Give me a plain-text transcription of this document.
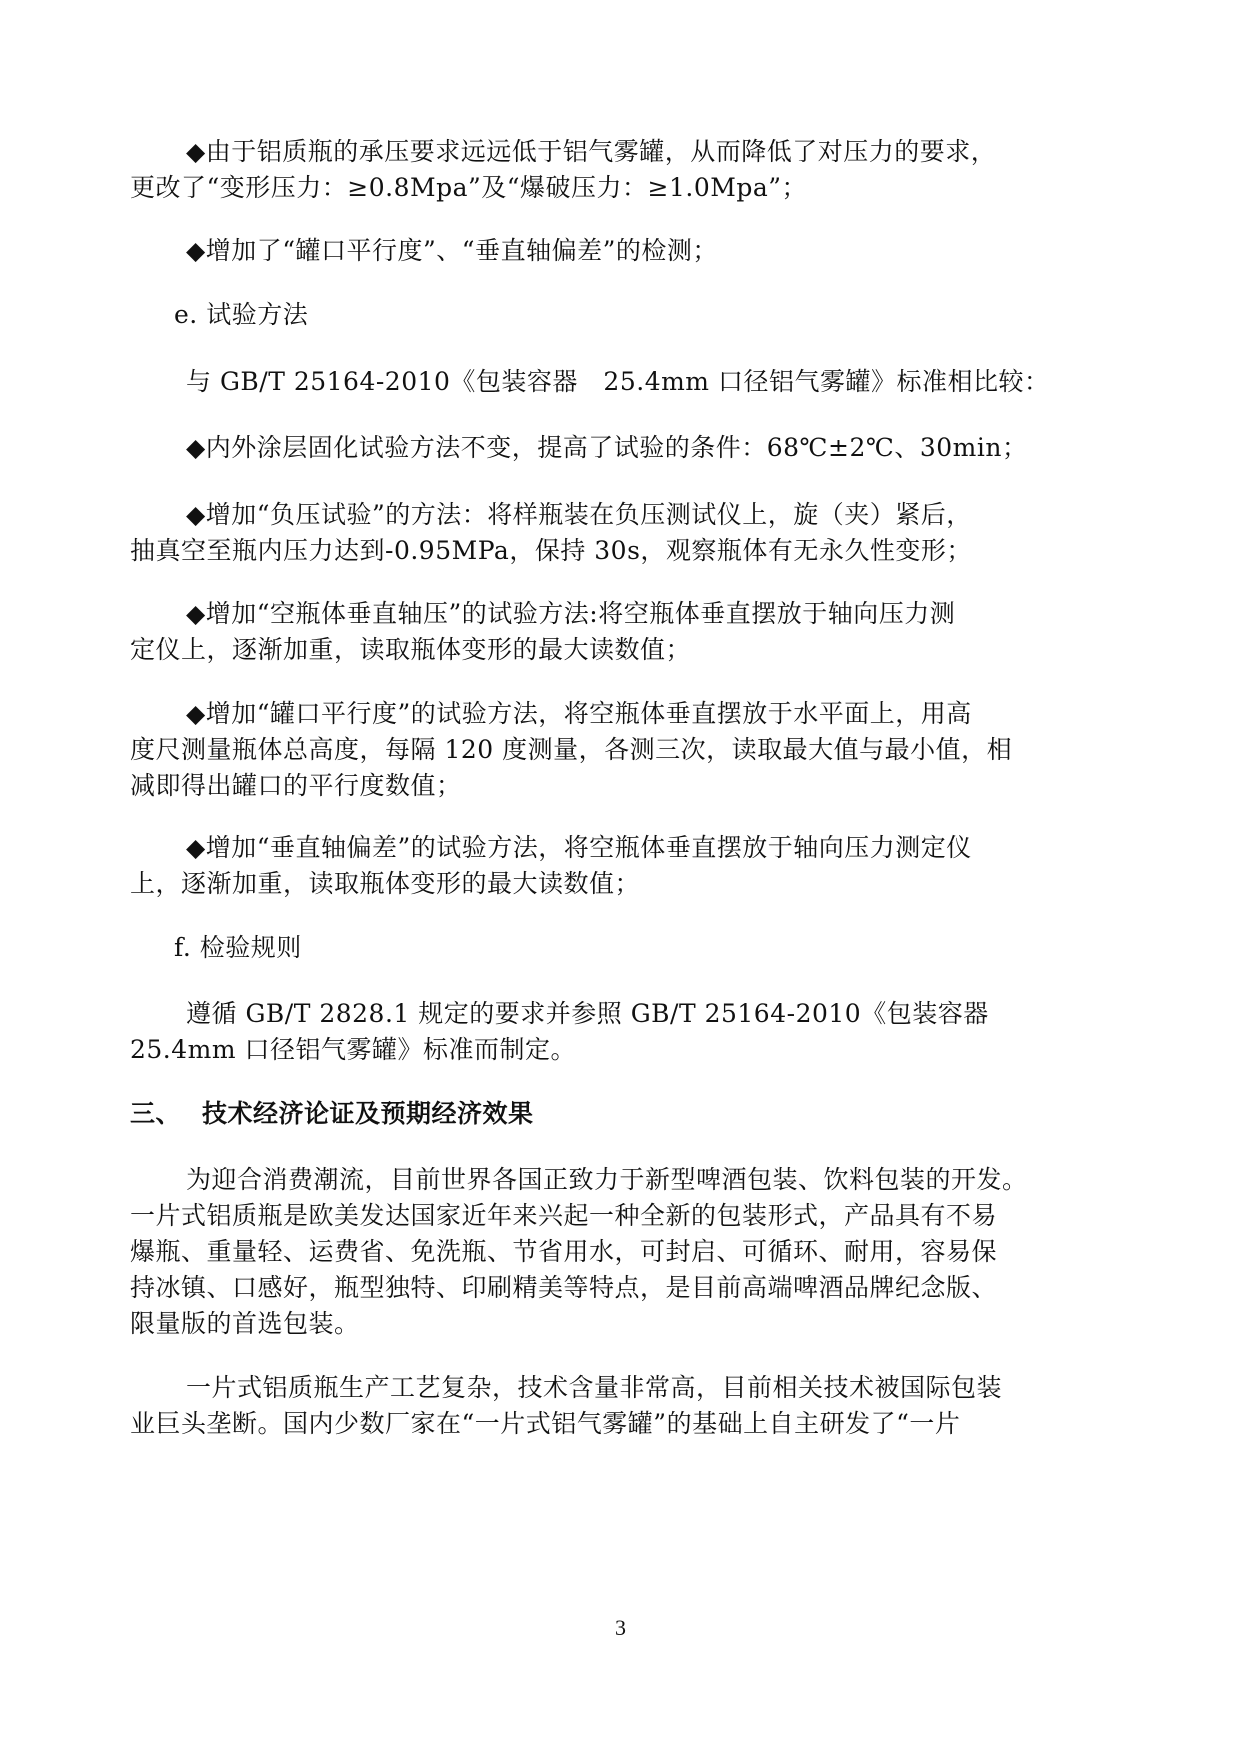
◆由于铝质瓶的承压要求远远低于铝气雾罐，从而降低了对压力的要求，
更改了“变形压力：≥0.8Mpa”及“爆破压力：≥1.0Mpa”；
◆增加了“罐口平行度”、“垂直轴偏差”的检测；
e. 试验方法
与 GB/T 25164-2010《包装容器　25.4mm 口径铝气雾罐》标准相比较：
◆内外涂层固化试验方法不变，提高了试验的条件：68℃±2℃、30min；
◆增加“负压试验”的方法：将样瓶装在负压测试仪上，旋（夹）紧后，
抽真空至瓶内压力达到-0.95MPa，保持 30s，观察瓶体有无永久性变形；
◆增加“空瓶体垂直轴压”的试验方法:将空瓶体垂直摆放于轴向压力测
定仪上，逐渐加重，读取瓶体变形的最大读数值；
◆增加“罐口平行度”的试验方法，将空瓶体垂直摆放于水平面上，用高
度尺测量瓶体总高度，每隔 120 度测量，各测三次，读取最大值与最小值，相
减即得出罐口的平行度数值；
◆增加“垂直轴偏差”的试验方法，将空瓶体垂直摆放于轴向压力测定仪
上，逐渐加重，读取瓶体变形的最大读数值；
f. 检验规则
遵循 GB/T 2828.1 规定的要求并参照 GB/T 25164-2010《包装容器
25.4mm 口径铝气雾罐》标准而制定。
三、 技术经济论证及预期经济效果
为迎合消费潮流，目前世界各国正致力于新型啤酒包装、饮料包装的开发。
一片式铝质瓶是欧美发达国家近年来兴起一种全新的包装形式，产品具有不易
爆瓶、重量轻、运费省、免洗瓶、节省用水，可封启、可循环、耐用，容易保
持冰镇、口感好，瓶型独特、印刷精美等特点，是目前高端啤酒品牌纪念版、
限量版的首选包装。
一片式铝质瓶生产工艺复杂，技术含量非常高，目前相关技术被国际包装
业巨头垄断。国内少数厂家在“一片式铝气雾罐”的基础上自主研发了“一片
3
